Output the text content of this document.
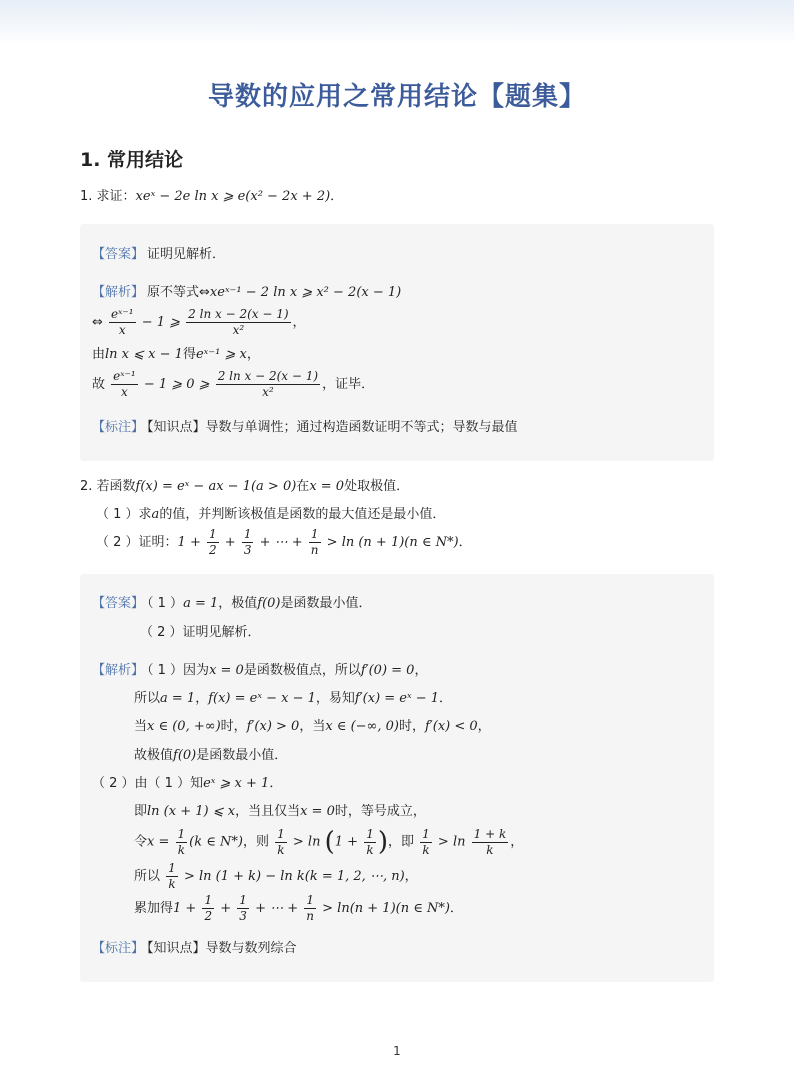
导数的应用之常用结论【题集】
1. 常用结论
1. 求证：xeˣ − 2e ln x ⩾ e(x² − 2x + 2)．
【答案】 证明见解析．
【解析】 原不等式⇔xeˣ⁻¹ − 2 ln x ⩾ x² − 2(x − 1)
⇔ $\frac{\text{eˣ⁻¹}}{x} - 1$ ⩾ $\frac{\text{2 ln x − 2(x − 1)}}{\text{x²}}$ ，
由ln x ⩽ x − 1得eˣ⁻¹ ⩾ x，
故 $\frac{\text{eˣ⁻¹}}{x} - 1$ ⩾ 0 ⩾ $\frac{\text{2 ln x − 2(x − 1)}}{\text{x²}}$ ，证毕．
【标注】 【知识点】导数与单调性；通过构造函数证明不等式；导数与最值
2. 若函数f(x) = eˣ − ax − 1(a > 0)在x = 0处取极值．
（ 1 ）求a的值，并判断该极值是函数的最大值还是最小值．
（ 2 ）证明：$1 + \frac{1}{2} + \frac{1}{3}$ + ⋯ + $\frac{1}{n} > \ln (n + 1)(n$ ∈ N*)．
【答案】 （ 1 ）a = 1，极值f(0)是函数最小值．
（ 2 ）证明见解析．
【解析】 （ 1 ）因为x = 0是函数极值点，所以f′(0) = 0，
所以a = 1，f(x) = eˣ − x − 1，易知f′(x) = eˣ − 1．
当x ∈ (0, +∞)时，f′(x) > 0，当x ∈ (−∞, 0)时，f′(x) < 0，
故极值f(0)是函数最小值．
（ 2 ）由（ 1 ）知eˣ ⩾ x + 1．
即ln (x + 1) ⩽ x，当且仅当x = 0时，等号成立，
令$x = \frac{1}{k} (k$ ∈ N*)，则 $\frac{1}{k} > \ln (1 + \frac{1}{k}$ )，即 $\frac{1}{k} > \ln \frac{1 + k}{k}$ ，
所以 $\frac{1}{k} > \ln (1 + k) - \ln k(k = 1$, 2, ⋯, n)，
累加得$1 + \frac{1}{2} + \frac{1}{3}$ + ⋯ + $\frac{1}{n} > \ln(n + 1)(n$ ∈ N*)．
【标注】 【知识点】导数与数列综合
1
